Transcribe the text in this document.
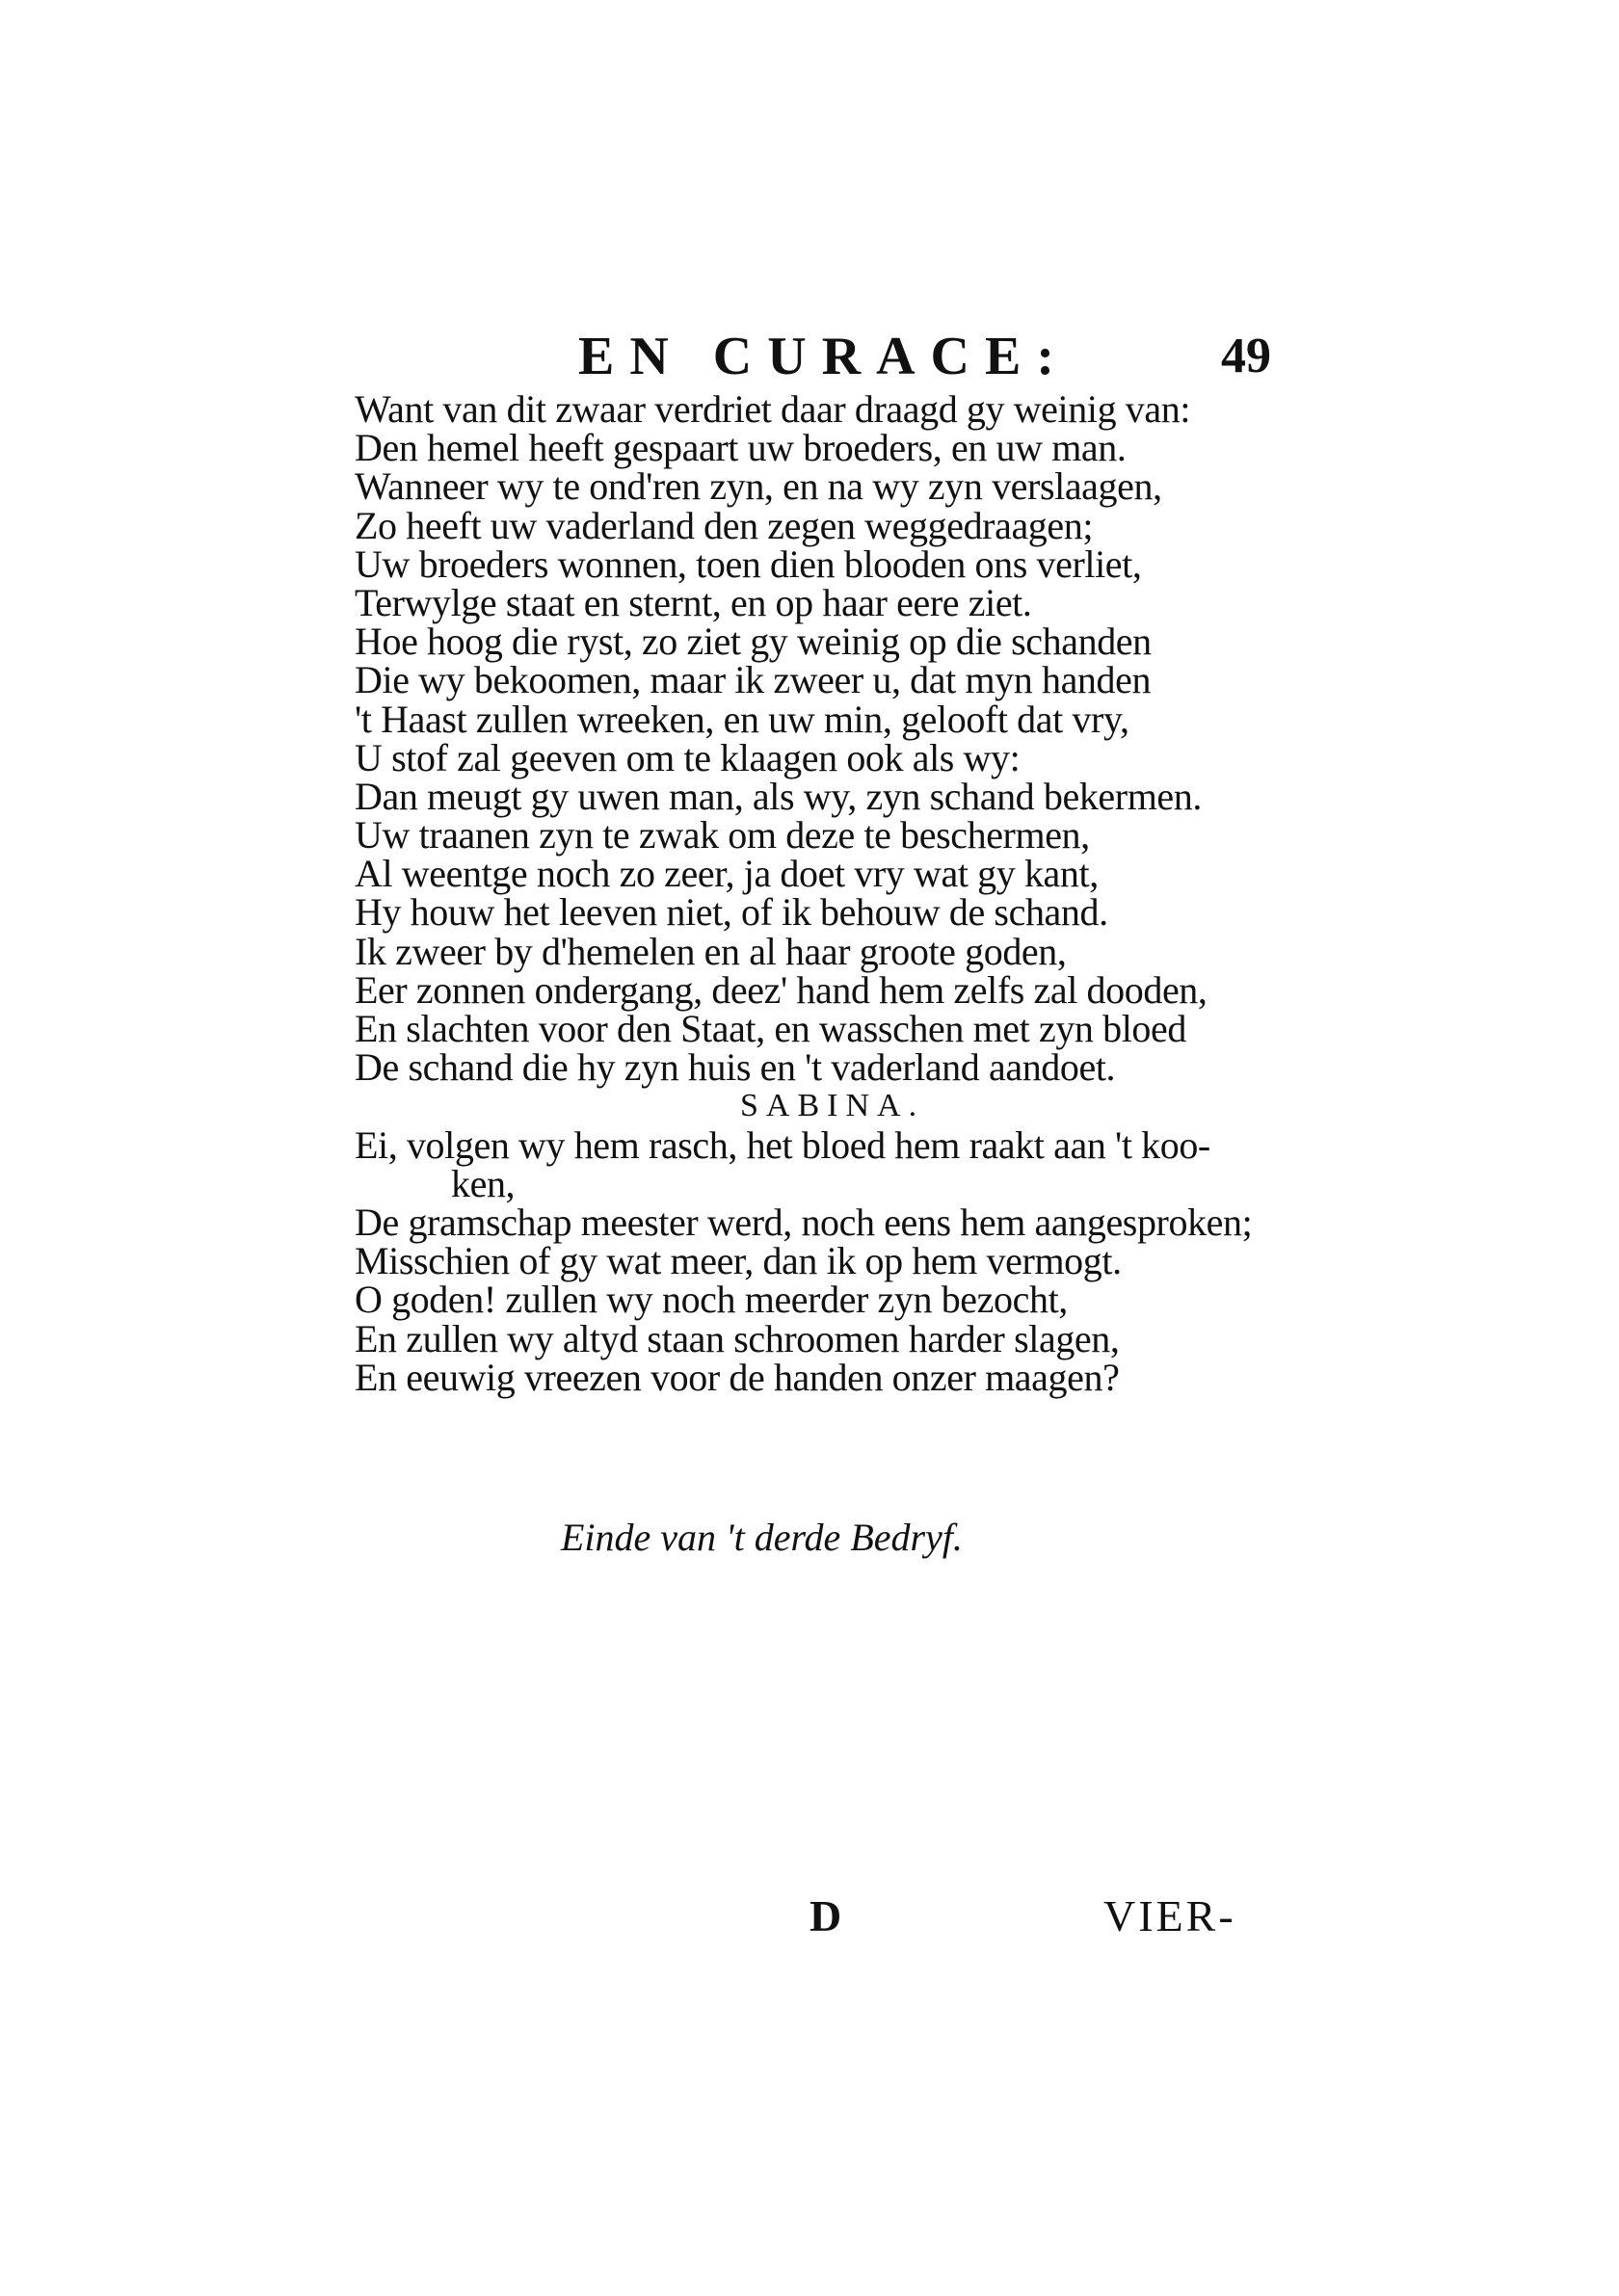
EN CURACE:	49
Want van dit zwaar verdriet daar draagd gy weinig van:
Den hemel heeft gespaart uw broeders, en uw man.
Wanneer wy te ond'ren zyn, en na wy zyn verslaagen,
Zo heeft uw vaderland den zegen weggedraagen;
Uw broeders wonnen, toen dien blooden ons verliet,
Terwylge staat en sternt, en op haar eere ziet.
Hoe hoog die ryst, zo ziet gy weinig op die schanden
Die wy bekoomen, maar ik zweer u, dat myn handen
't Haast zullen wreeken, en uw min, gelooft dat vry,
U stof zal geeven om te klaagen ook als wy:
Dan meugt gy uwen man, als wy, zyn schand bekermen.
Uw traanen zyn te zwak om deze te beschermen,
Al weentge noch zo zeer, ja doet vry wat gy kant,
Hy houw het leeven niet, of ik behouw de schand.
Ik zweer by d'hemelen en al haar groote goden,
Eer zonnen ondergang, deez' hand hem zelfs zal dooden,
En slachten voor den Staat, en wasschen met zyn bloed
De schand die hy zyn huis en 't vaderland aandoet.
SABINA.
Ei, volgen wy hem rasch, het bloed hem raakt aan 't koo-
ken,
De gramschap meester werd, noch eens hem aangesproken;
Misschien of gy wat meer, dan ik op hem vermogt.
O goden! zullen wy noch meerder zyn bezocht,
En zullen wy altyd staan schroomen harder slagen,
En eeuwig vreezen voor de handen onzer maagen?
Einde van 't derde Bedryf.
D	VIER-
